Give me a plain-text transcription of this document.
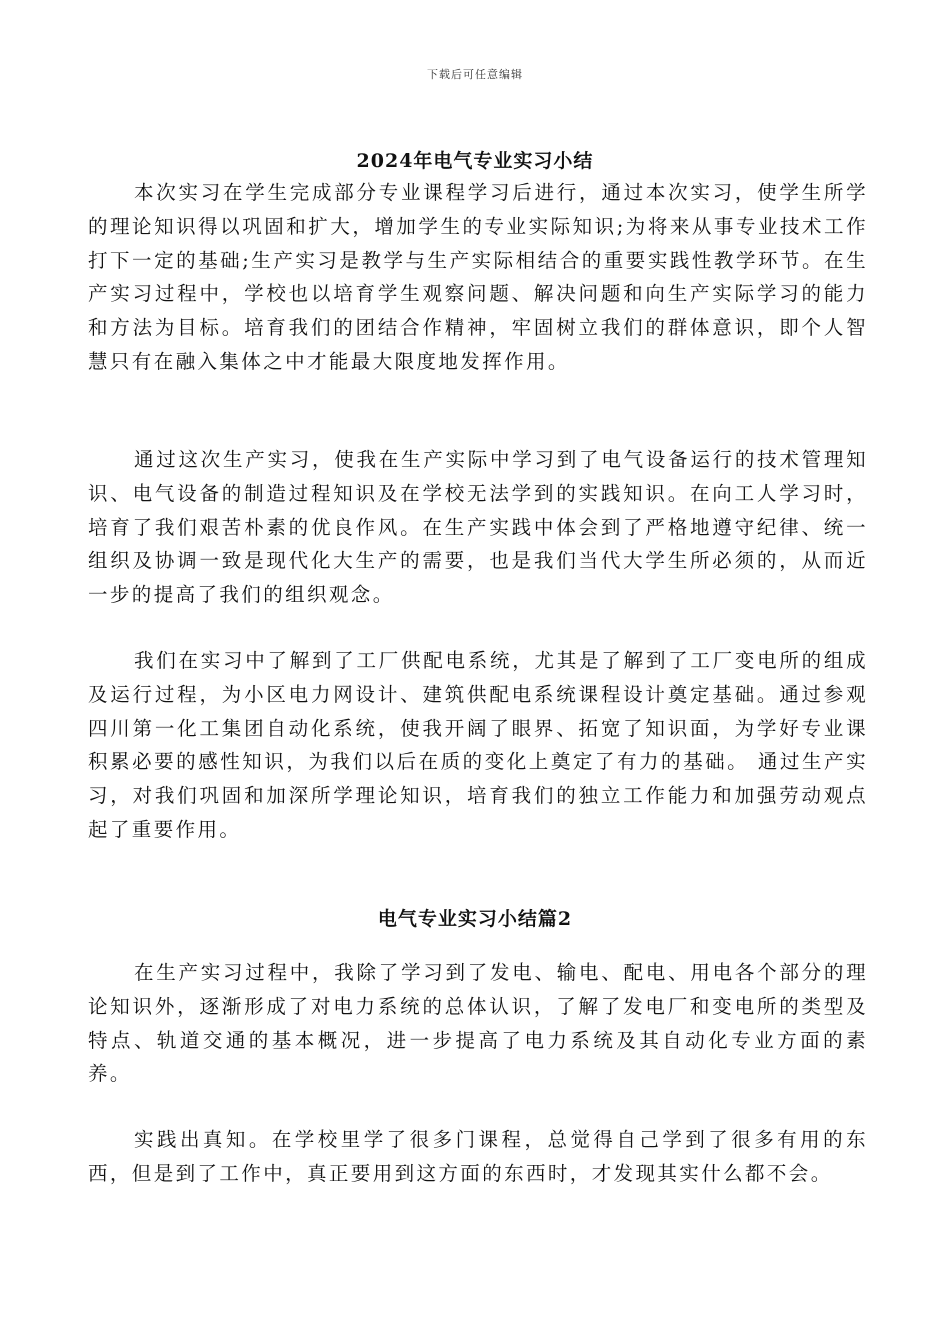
下载后可任意编辑
2024年电气专业实习小结

本次实习在学生完成部分专业课程学习后进行，通过本次实习，使学生所学的理论知识得以巩固和扩大，增加学生的专业实际知识;为将来从事专业技术工作打下一定的基础;生产实习是教学与生产实际相结合的重要实践性教学环节。在生产实习过程中，学校也以培育学生观察问题、解决问题和向生产实际学习的能力和方法为目标。培育我们的团结合作精神，牢固树立我们的群体意识，即个人智慧只有在融入集体之中才能最大限度地发挥作用。

通过这次生产实习，使我在生产实际中学习到了电气设备运行的技术管理知识、电气设备的制造过程知识及在学校无法学到的实践知识。在向工人学习时，培育了我们艰苦朴素的优良作风。在生产实践中体会到了严格地遵守纪律、统一组织及协调一致是现代化大生产的需要，也是我们当代大学生所必须的，从而近一步的提高了我们的组织观念。

我们在实习中了解到了工厂供配电系统，尤其是了解到了工厂变电所的组成及运行过程，为小区电力网设计、建筑供配电系统课程设计奠定基础。通过参观四川第一化工集团自动化系统，使我开阔了眼界、拓宽了知识面，为学好专业课积累必要的感性知识，为我们以后在质的变化上奠定了有力的基础。 通过生产实习，对我们巩固和加深所学理论知识，培育我们的独立工作能力和加强劳动观点起了重要作用。

电气专业实习小结篇2

在生产实习过程中，我除了学习到了发电、输电、配电、用电各个部分的理论知识外，逐渐形成了对电力系统的总体认识，了解了发电厂和变电所的类型及特点、轨道交通的基本概况，进一步提高了电力系统及其自动化专业方面的素养。

实践出真知。在学校里学了很多门课程，总觉得自己学到了很多有用的东西，但是到了工作中，真正要用到这方面的东西时，才发现其实什么都不会。
